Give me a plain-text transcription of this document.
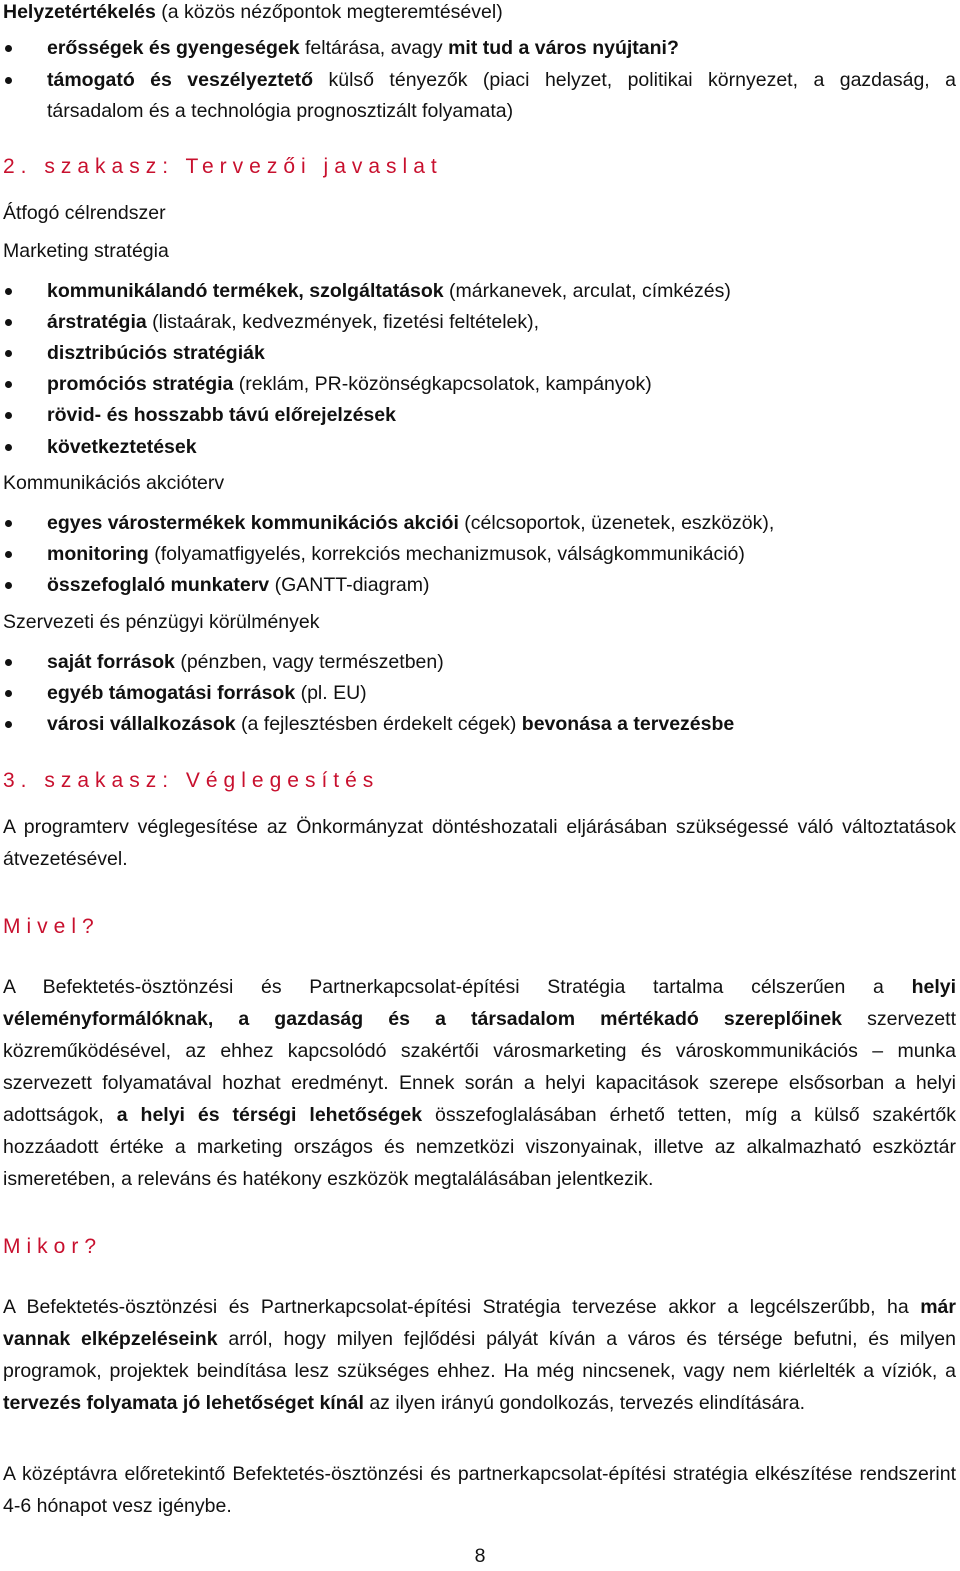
Helyzetértékelés (a közös nézőpontok megteremtésével)
erősségek és gyengeségek feltárása, avagy mit tud a város nyújtani?
támogató és veszélyeztető külső tényezők (piaci helyzet, politikai környezet, a gazdaság, a
társadalom és a technológia prognosztizált folyamata)
2. szakasz: Tervezői javaslat
Átfogó célrendszer
Marketing stratégia
kommunikálandó termékek, szolgáltatások (márkanevek, arculat, címkézés)
árstratégia (listaárak, kedvezmények, fizetési feltételek),
disztribúciós stratégiák
promóciós stratégia (reklám, PR-közönségkapcsolatok, kampányok)
rövid- és hosszabb távú előrejelzések
következtetések
Kommunikációs akcióterv
egyes várostermékek kommunikációs akciói (célcsoportok, üzenetek, eszközök),
monitoring (folyamatfigyelés, korrekciós mechanizmusok, válságkommunikáció)
összefoglaló munkaterv (GANTT-diagram)
Szervezeti és pénzügyi körülmények
saját források (pénzben, vagy természetben)
egyéb támogatási források (pl. EU)
városi vállalkozások (a fejlesztésben érdekelt cégek) bevonása a tervezésbe
3. szakasz: Véglegesítés
A programterv véglegesítése az Önkormányzat döntéshozatali eljárásában szükségessé váló változtatások átvezetésével.
Mivel?
A Befektetés-ösztönzési és Partnerkapcsolat-építési Stratégia tartalma célszerűen a helyi véleményformálóknak, a gazdaság és a társadalom mértékadó szereplőinek szervezett közreműködésével, az ehhez kapcsolódó szakértői városmarketing és városkommunikációs – munka szervezett folyamatával hozhat eredményt. Ennek során a helyi kapacitások szerepe elsősorban a helyi adottságok, a helyi és térségi lehetőségek összefoglalásában érhető tetten, míg a külső szakértők hozzáadott értéke a marketing országos és nemzetközi viszonyainak, illetve az alkalmazható eszköztár ismeretében, a releváns és hatékony eszközök megtalálásában jelentkezik.
Mikor?
A Befektetés-ösztönzési és Partnerkapcsolat-építési Stratégia tervezése akkor a legcélszerűbb, ha már vannak elképzeléseink arról, hogy milyen fejlődési pályát kíván a város és térsége befutni, és milyen programok, projektek beindítása lesz szükséges ehhez. Ha még nincsenek, vagy nem kiérlelték a víziók, a tervezés folyamata jó lehetőséget kínál az ilyen irányú gondolkozás, tervezés elindítására.
A középtávra előretekintő Befektetés-ösztönzési és partnerkapcsolat-építési stratégia elkészítése rendszerint 4-6 hónapot vesz igénybe.
8
